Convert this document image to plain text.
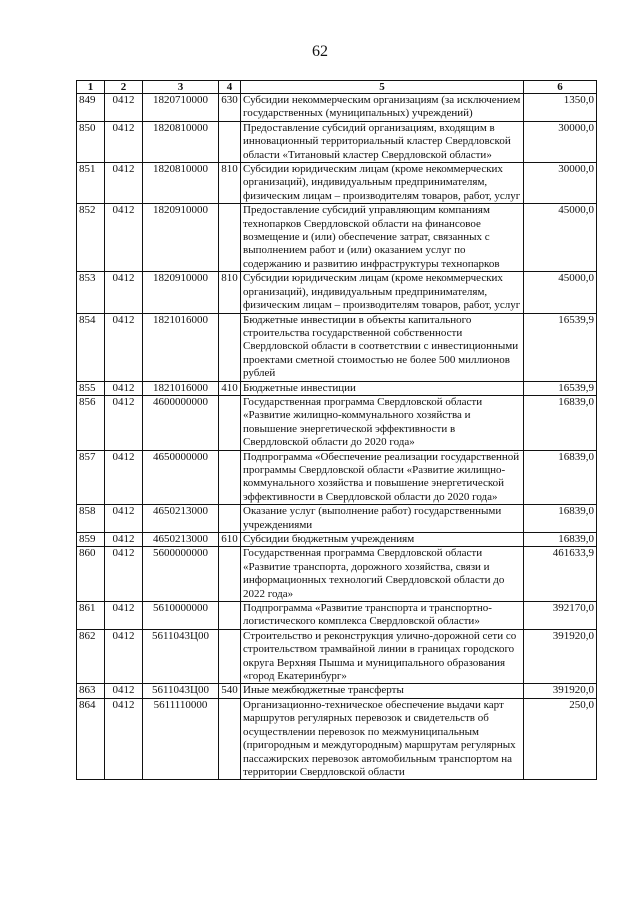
62
1	2	3	4	5	6
849	0412	1820710000	630	Субсидии некоммерческим организациям (за исключением государственных (муниципальных) учреждений)	1350,0
850	0412	1820810000		Предоставление субсидий организациям, входящим в инновационный территориальный кластер Свердловской области «Титановый кластер Свердловской области»	30000,0
851	0412	1820810000	810	Субсидии юридическим лицам (кроме некоммерческих организаций), индивидуальным предпринимателям, физическим лицам – производителям товаров, работ, услуг	30000,0
852	0412	1820910000		Предоставление субсидий управляющим компаниям технопарков Свердловской области на финансовое возмещение и (или) обеспечение затрат, связанных с выполнением работ и (или) оказанием услуг по содержанию и развитию инфраструктуры технопарков	45000,0
853	0412	1820910000	810	Субсидии юридическим лицам (кроме некоммерческих организаций), индивидуальным предпринимателям, физическим лицам – производителям товаров, работ, услуг	45000,0
854	0412	1821016000		Бюджетные инвестиции в объекты капитального строительства государственной собственности Свердловской области в соответствии с инвестиционными проектами сметной стоимостью не более 500 миллионов рублей	16539,9
855	0412	1821016000	410	Бюджетные инвестиции	16539,9
856	0412	4600000000		Государственная программа Свердловской области «Развитие жилищно-коммунального хозяйства и повышение энергетической эффективности в Свердловской области до 2020 года»	16839,0
857	0412	4650000000		Подпрограмма «Обеспечение реализации государственной программы Свердловской области «Развитие жилищно-коммунального хозяйства и повышение энергетической эффективности в Свердловской области до 2020 года»	16839,0
858	0412	4650213000		Оказание услуг (выполнение работ) государственными учреждениями	16839,0
859	0412	4650213000	610	Субсидии бюджетным учреждениям	16839,0
860	0412	5600000000		Государственная программа Свердловской области «Развитие транспорта, дорожного хозяйства, связи и информационных технологий Свердловской области до 2022 года»	461633,9
861	0412	5610000000		Подпрограмма «Развитие транспорта и транспортно-логистического комплекса Свердловской области»	392170,0
862	0412	5611043Ц00		Строительство и реконструкция улично-дорожной сети со строительством трамвайной линии в границах городского округа Верхняя Пышма и муниципального образования «город Екатеринбург»	391920,0
863	0412	5611043Ц00	540	Иные межбюджетные трансферты	391920,0
864	0412	5611110000		Организационно-техническое обеспечение выдачи карт маршрутов регулярных перевозок и свидетельств об осуществлении перевозок по межмуниципальным (пригородным и междугородным) маршрутам регулярных пассажирских перевозок автомобильным транспортом на территории Свердловской области	250,0
